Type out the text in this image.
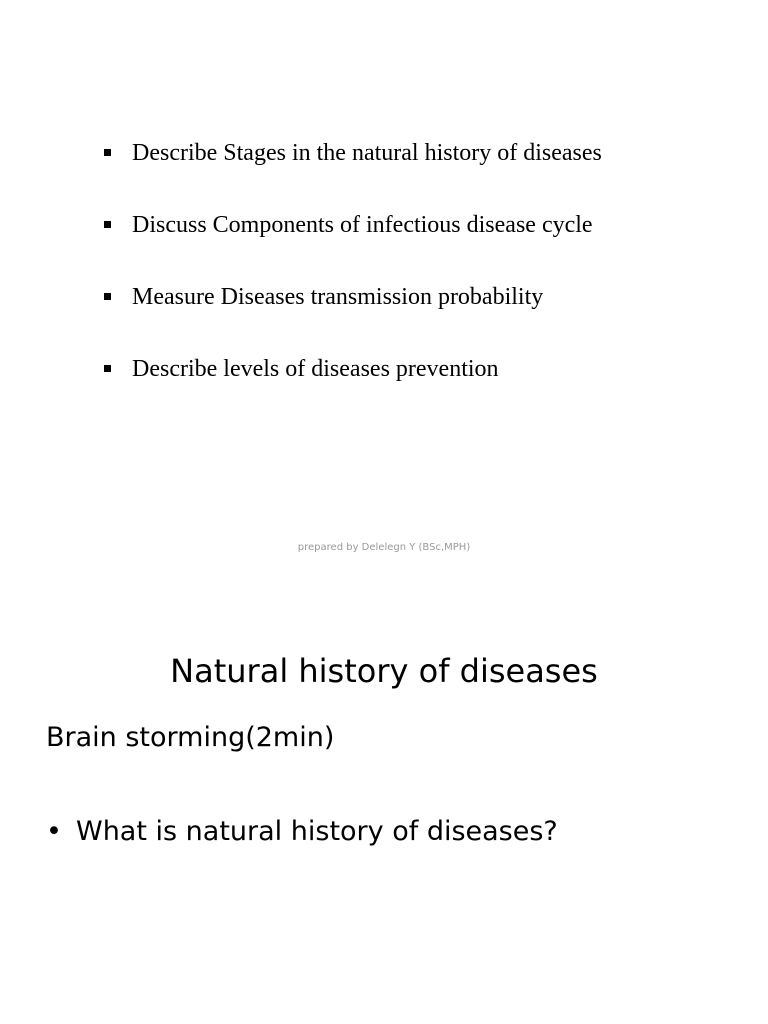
Describe Stages in the natural history of diseases
Discuss Components of infectious disease cycle
Measure Diseases transmission probability
Describe levels of diseases prevention
prepared by Delelegn Y (BSc,MPH)
Natural history of diseases
Brain storming(2min)
• What is natural history of diseases?
